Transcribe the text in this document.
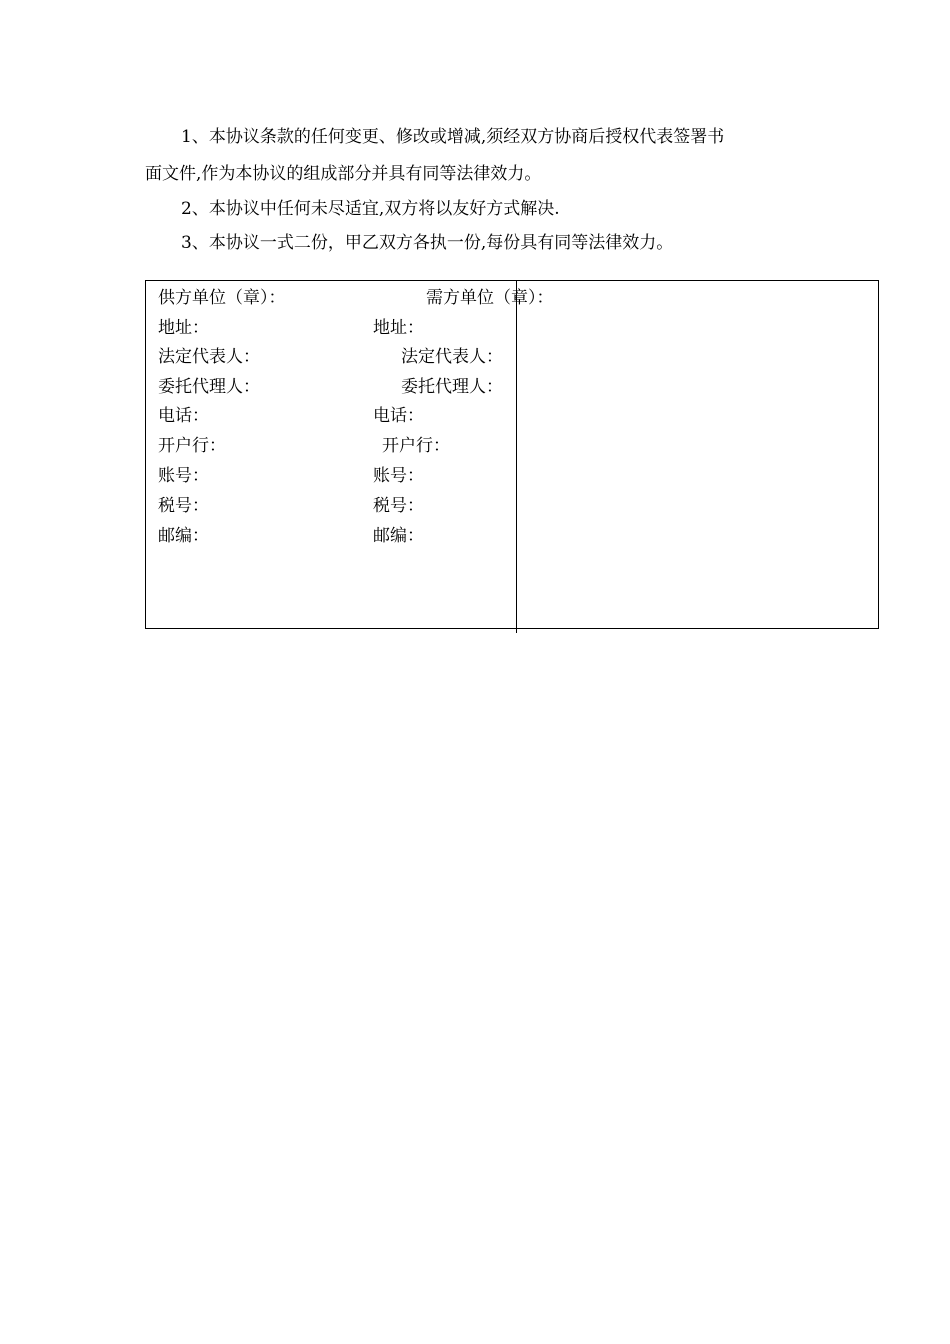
1、本协议条款的任何变更、修改或增减,须经双方协商后授权代表签署书

面文件,作为本协议的组成部分并具有同等法律效力。

2、本协议中任何未尽适宜,双方将以友好方式解决.

3、本协议一式二份，甲乙双方各执一份,每份具有同等法律效力。

供方单位（章）：
地址：
法定代表人：
委托代理人：
电话：
开户行：
账号：
税号：
邮编：
需方单位（章）：
地址：
法定代表人：
委托代理人：
电话：
开户行：
账号：
税号：
邮编：
